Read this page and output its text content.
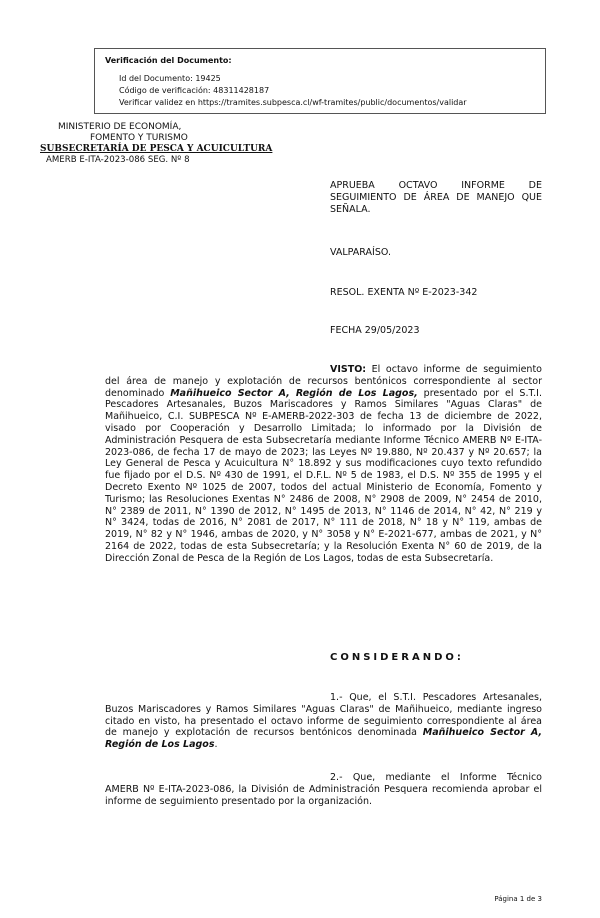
Verificación del Documento:
• Id del Documento: 19425
• Código de verificación: 48311428187
• Verificar validez en https://tramites.subpesca.cl/wf-tramites/public/documentos/validar
MINISTERIO DE ECONOMÍA,
FOMENTO Y TURISMO
SUBSECRETARÍA DE PESCA Y ACUICULTURA
AMERB E-ITA-2023-086 SEG. Nº 8
APRUEBA OCTAVO INFORME DE SEGUIMIENTO DE ÁREA DE MANEJO QUE SEÑALA.
VALPARAÍSO.
RESOL. EXENTA Nº E-2023-342
FECHA 29/05/2023

VISTO: El octavo informe de seguimiento del área de manejo y explotación de recursos bentónicos correspondiente al sector denominado Mañihueico Sector A, Región de Los Lagos, presentado por el S.T.I. Pescadores Artesanales, Buzos Mariscadores y Ramos Similares "Aguas Claras" de Mañihueico, C.I. SUBPESCA Nº E-AMERB-2022-303 de fecha 13 de diciembre de 2022, visado por Cooperación y Desarrollo Limitada; lo informado por la División de Administración Pesquera de esta Subsecretaría mediante Informe Técnico AMERB Nº E-ITA-2023-086, de fecha 17 de mayo de 2023; las Leyes Nº 19.880, Nº 20.437 y Nº 20.657; la Ley General de Pesca y Acuicultura N° 18.892 y sus modificaciones cuyo texto refundido fue fijado por el D.S. Nº 430 de 1991, el D.F.L. Nº 5 de 1983, el D.S. Nº 355 de 1995 y el Decreto Exento Nº 1025 de 2007, todos del actual Ministerio de Economía, Fomento y Turismo; las Resoluciones Exentas N° 2486 de 2008, N° 2908 de 2009, N° 2454 de 2010, N° 2389 de 2011, N° 1390 de 2012, N° 1495 de 2013, N° 1146 de 2014, N° 42, N° 219 y N° 3424, todas de 2016, N° 2081 de 2017, N° 111 de 2018, N° 18 y N° 119, ambas de 2019, N° 82 y N° 1946, ambas de 2020, y N° 3058 y N° E-2021-677, ambas de 2021, y N° 2164 de 2022, todas de esta Subsecretaría; y la Resolución Exenta N° 60 de 2019, de la Dirección Zonal de Pesca de la Región de Los Lagos, todas de esta Subsecretaría.

CONSIDERANDO:

1.- Que, el S.T.I. Pescadores Artesanales, Buzos Mariscadores y Ramos Similares "Aguas Claras" de Mañihueico, mediante ingreso citado en visto, ha presentado el octavo informe de seguimiento correspondiente al área de manejo y explotación de recursos bentónicos denominada Mañihueico Sector A, Región de Los Lagos.

2.- Que, mediante el Informe Técnico AMERB Nº E-ITA-2023-086, la División de Administración Pesquera recomienda aprobar el informe de seguimiento presentado por la organización.

Página 1 de 3
